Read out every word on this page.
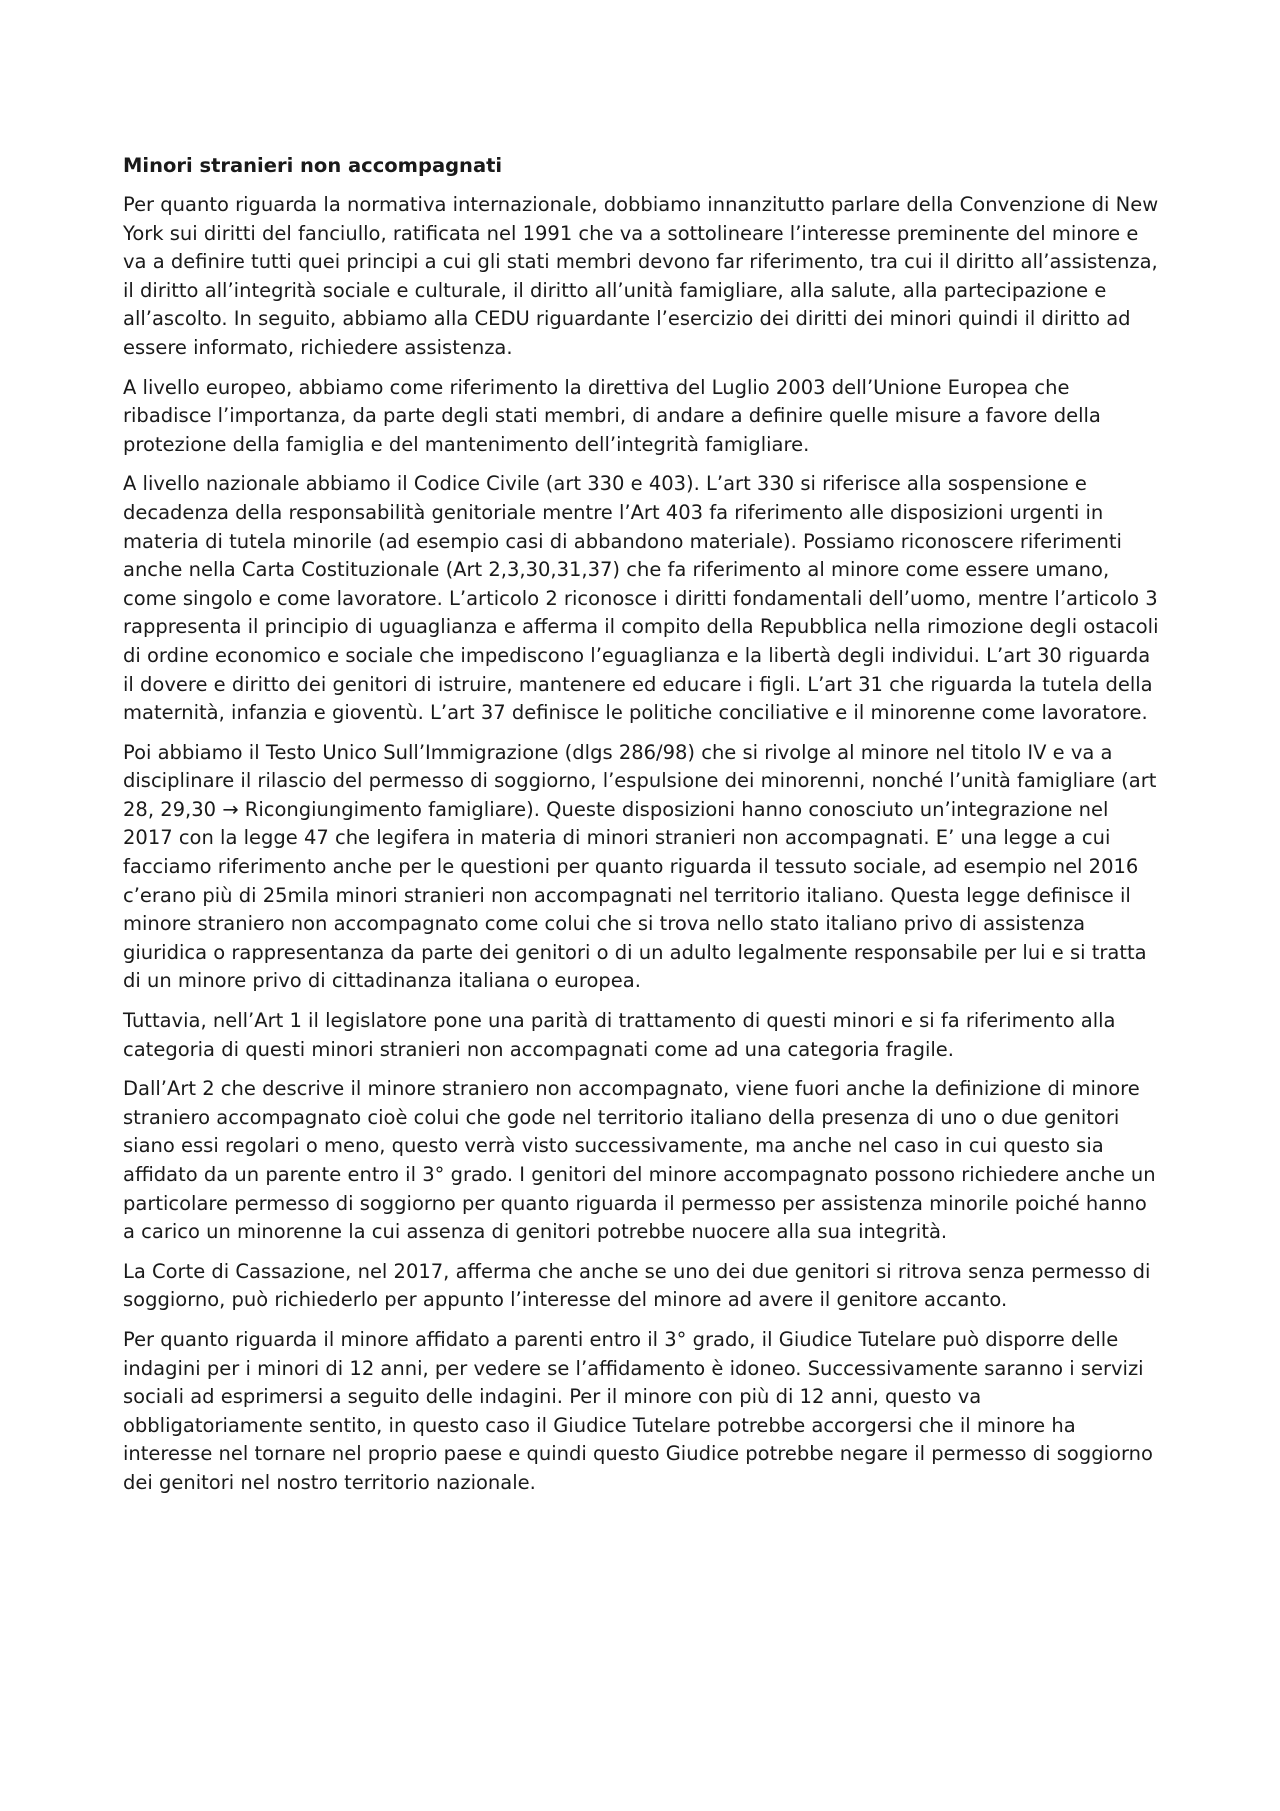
Minori stranieri non accompagnati

Per quanto riguarda la normativa internazionale, dobbiamo innanzitutto parlare della Convenzione di New York sui diritti del fanciullo, ratificata nel 1991 che va a sottolineare l’interesse preminente del minore e va a definire tutti quei principi a cui gli stati membri devono far riferimento, tra cui il diritto all’assistenza, il diritto all’integrità sociale e culturale, il diritto all’unità famigliare, alla salute, alla partecipazione e all’ascolto. In seguito, abbiamo alla CEDU riguardante l’esercizio dei diritti dei minori quindi il diritto ad essere informato, richiedere assistenza.

A livello europeo, abbiamo come riferimento la direttiva del Luglio 2003 dell’Unione Europea che ribadisce l’importanza, da parte degli stati membri, di andare a definire quelle misure a favore della protezione della famiglia e del mantenimento dell’integrità famigliare.

A livello nazionale abbiamo il Codice Civile (art 330 e 403). L’art 330 si riferisce alla sospensione e decadenza della responsabilità genitoriale mentre l’Art 403 fa riferimento alle disposizioni urgenti in materia di tutela minorile (ad esempio casi di abbandono materiale). Possiamo riconoscere riferimenti anche nella Carta Costituzionale (Art 2,3,30,31,37) che fa riferimento al minore come essere umano, come singolo e come lavoratore. L’articolo 2 riconosce i diritti fondamentali dell’uomo, mentre l’articolo 3 rappresenta il principio di uguaglianza e afferma il compito della Repubblica nella rimozione degli ostacoli di ordine economico e sociale che impediscono l’eguaglianza e la libertà degli individui. L’art 30 riguarda il dovere e diritto dei genitori di istruire, mantenere ed educare i figli. L’art 31 che riguarda la tutela della maternità, infanzia e gioventù. L’art 37 definisce le politiche conciliative e il minorenne come lavoratore.

Poi abbiamo il Testo Unico Sull’Immigrazione (dlgs 286/98) che si rivolge al minore nel titolo IV e va a disciplinare il rilascio del permesso di soggiorno, l’espulsione dei minorenni, nonché l’unità famigliare (art 28, 29,30 → Ricongiungimento famigliare). Queste disposizioni hanno conosciuto un’integrazione nel 2017 con la legge 47 che legifera in materia di minori stranieri non accompagnati. E’ una legge a cui facciamo riferimento anche per le questioni per quanto riguarda il tessuto sociale, ad esempio nel 2016 c’erano più di 25mila minori stranieri non accompagnati nel territorio italiano. Questa legge definisce il minore straniero non accompagnato come colui che si trova nello stato italiano privo di assistenza giuridica o rappresentanza da parte dei genitori o di un adulto legalmente responsabile per lui e si tratta di un minore privo di cittadinanza italiana o europea.

Tuttavia, nell’Art 1 il legislatore pone una parità di trattamento di questi minori e si fa riferimento alla categoria di questi minori stranieri non accompagnati come ad una categoria fragile.

Dall’Art 2 che descrive il minore straniero non accompagnato, viene fuori anche la definizione di minore straniero accompagnato cioè colui che gode nel territorio italiano della presenza di uno o due genitori siano essi regolari o meno, questo verrà visto successivamente, ma anche nel caso in cui questo sia affidato da un parente entro il 3° grado. I genitori del minore accompagnato possono richiedere anche un particolare permesso di soggiorno per quanto riguarda il permesso per assistenza minorile poiché hanno a carico un minorenne la cui assenza di genitori potrebbe nuocere alla sua integrità.

La Corte di Cassazione, nel 2017, afferma che anche se uno dei due genitori si ritrova senza permesso di soggiorno, può richiederlo per appunto l’interesse del minore ad avere il genitore accanto.

Per quanto riguarda il minore affidato a parenti entro il 3° grado, il Giudice Tutelare può disporre delle indagini per i minori di 12 anni, per vedere se l’affidamento è idoneo. Successivamente saranno i servizi sociali ad esprimersi a seguito delle indagini. Per il minore con più di 12 anni, questo va obbligatoriamente sentito, in questo caso il Giudice Tutelare potrebbe accorgersi che il minore ha interesse nel tornare nel proprio paese e quindi questo Giudice potrebbe negare il permesso di soggiorno dei genitori nel nostro territorio nazionale.
